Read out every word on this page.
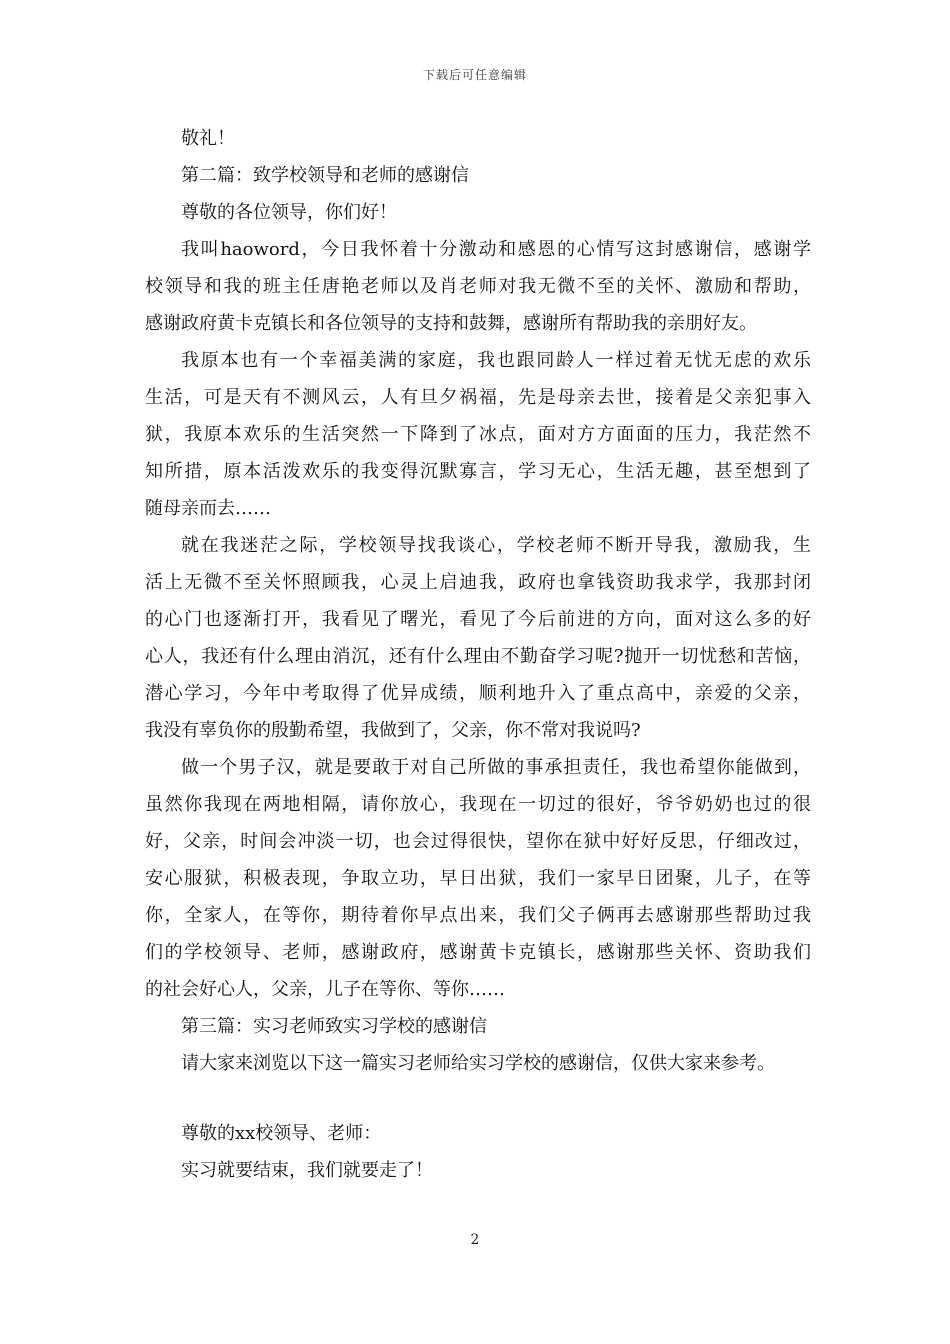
下载后可任意编辑
敬礼！
第二篇：致学校领导和老师的感谢信
尊敬的各位领导，你们好！
我叫haoword，今日我怀着十分激动和感恩的心情写这封感谢信，感谢学
校领导和我的班主任唐艳老师以及肖老师对我无微不至的关怀、激励和帮助，
感谢政府黄卡克镇长和各位领导的支持和鼓舞，感谢所有帮助我的亲朋好友。
我原本也有一个幸福美满的家庭，我也跟同龄人一样过着无忧无虑的欢乐
生活，可是天有不测风云，人有旦夕祸福，先是母亲去世，接着是父亲犯事入
狱，我原本欢乐的生活突然一下降到了冰点，面对方方面面的压力，我茫然不
知所措，原本活泼欢乐的我变得沉默寡言，学习无心，生活无趣，甚至想到了
随母亲而去……
就在我迷茫之际，学校领导找我谈心，学校老师不断开导我，激励我，生
活上无微不至关怀照顾我，心灵上启迪我，政府也拿钱资助我求学，我那封闭
的心门也逐渐打开，我看见了曙光，看见了今后前进的方向，面对这么多的好
心人，我还有什么理由消沉，还有什么理由不勤奋学习呢?抛开一切忧愁和苦恼，
潜心学习，今年中考取得了优异成绩，顺利地升入了重点高中，亲爱的父亲，
我没有辜负你的殷勤希望，我做到了，父亲，你不常对我说吗?
做一个男子汉，就是要敢于对自己所做的事承担责任，我也希望你能做到，
虽然你我现在两地相隔，请你放心，我现在一切过的很好，爷爷奶奶也过的很
好，父亲，时间会冲淡一切，也会过得很快，望你在狱中好好反思，仔细改过，
安心服狱，积极表现，争取立功，早日出狱，我们一家早日团聚，儿子，在等
你，全家人，在等你，期待着你早点出来，我们父子俩再去感谢那些帮助过我
们的学校领导、老师，感谢政府，感谢黄卡克镇长，感谢那些关怀、资助我们
的社会好心人，父亲，儿子在等你、等你……
第三篇：实习老师致实习学校的感谢信
请大家来浏览以下这一篇实习老师给实习学校的感谢信，仅供大家来参考。
尊敬的xx校领导、老师：
实习就要结束，我们就要走了！
2
